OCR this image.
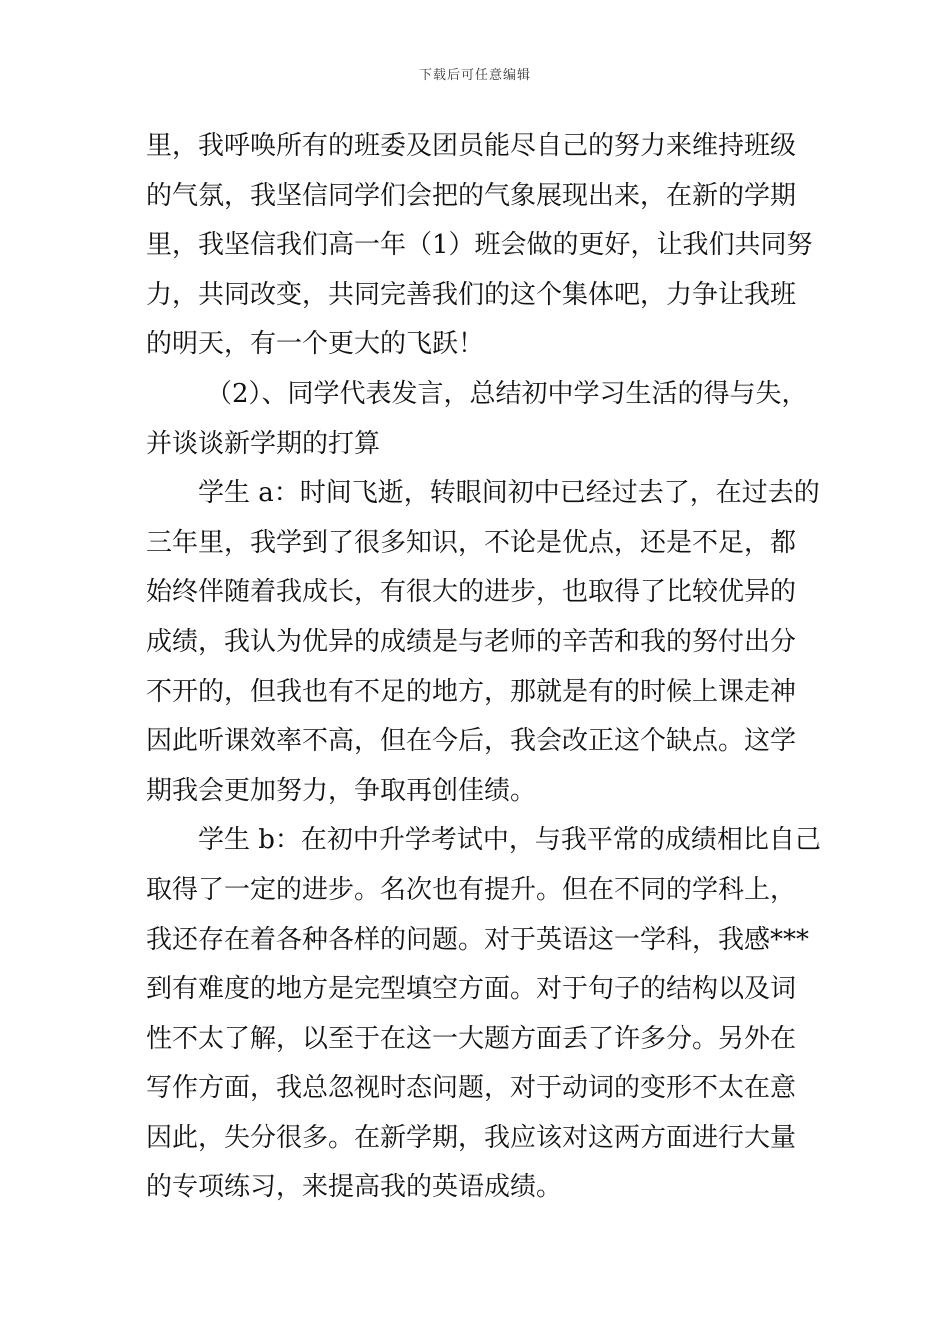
下载后可任意编辑
里，我呼唤所有的班委及团员能尽自己的努力来维持班级
的气氛，我坚信同学们会把的气象展现出来，在新的学期
里，我坚信我们高一年（1）班会做的更好，让我们共同努
力，共同改变，共同完善我们的这个集体吧，力争让我班
的明天，有一个更大的飞跃！
（2）、同学代表发言，总结初中学习生活的得与失，
并谈谈新学期的打算
学生 a：时间飞逝，转眼间初中已经过去了，在过去的
三年里，我学到了很多知识，不论是优点，还是不足，都
始终伴随着我成长，有很大的进步，也取得了比较优异的
成绩，我认为优异的成绩是与老师的辛苦和我的努付出分
不开的，但我也有不足的地方，那就是有的时候上课走神
因此听课效率不高，但在今后，我会改正这个缺点。这学
期我会更加努力，争取再创佳绩。
学生 b：在初中升学考试中，与我平常的成绩相比自己
取得了一定的进步。名次也有提升。但在不同的学科上，
我还存在着各种各样的问题。对于英语这一学科，我感***
到有难度的地方是完型填空方面。对于句子的结构以及词
性不太了解，以至于在这一大题方面丢了许多分。另外在
写作方面，我总忽视时态问题，对于动词的变形不太在意
因此，失分很多。在新学期，我应该对这两方面进行大量
的专项练习，来提高我的英语成绩。
